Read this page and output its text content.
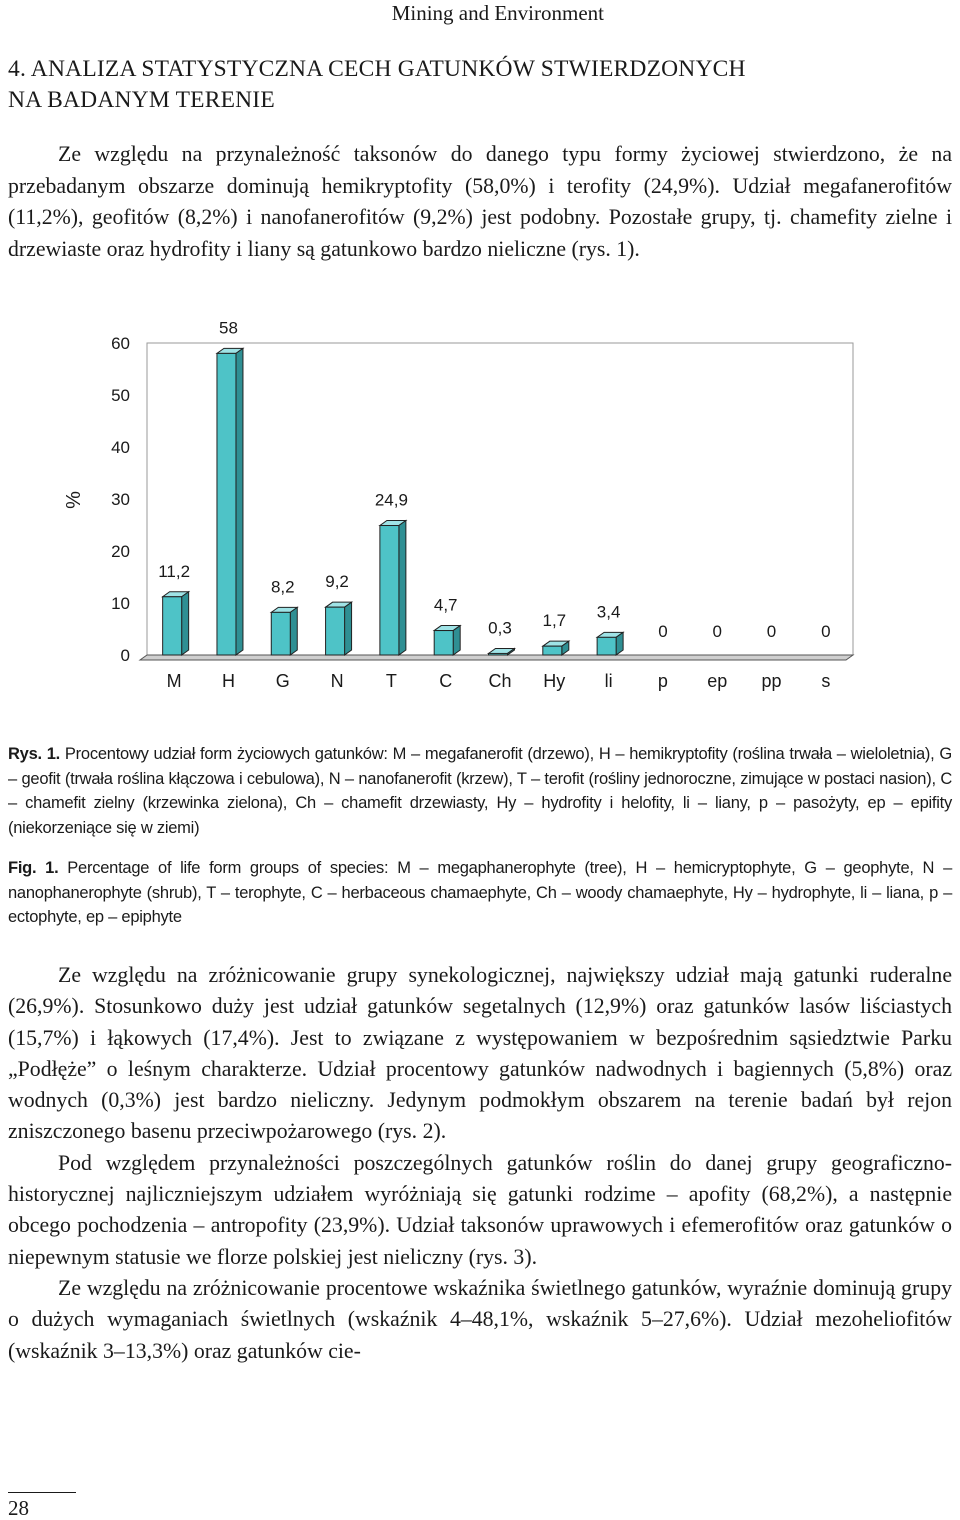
Mining and Environment
4. ANALIZA STATYSTYCZNA CECH GATUNKÓW STWIERDZONYCH
NA BADANYM TERENIE

Ze względu na przynależność taksonów do danego typu formy życiowej stwierdzono, że na przebadanym obszarze dominują hemikryptofity (58,0%) i terofity (24,9%). Udział megafanerofitów (11,2%), geofitów (8,2%) i nanofanerofitów (9,2%) jest podobny. Pozostałe grupy, tj. chamefity zielne i drzewiaste oraz hydrofity i liany są gatunkowo bardzo nieliczne (rys. 1).

0
10
20
30
40
50
60
%
11,2
M
58
H
8,2
G
9,2
N
24,9
T
4,7
C
0,3
Ch
1,7
Hy
3,4
li
0
p
0
ep
0
pp
0
s
Rys. 1. Procentowy udział form życiowych gatunków: M – megafanerofit (drzewo), H – hemikryptofity (roślina trwała – wieloletnia), G – geofit (trwała roślina kłączowa i cebulowa), N – nanofanerofit (krzew), T – terofit (rośliny jednoroczne, zimujące w postaci nasion), C – chamefit zielny (krzewinka zielona), Ch – chamefit drzewiasty, Hy – hydrofity i helofity, li – liany, p – pasożyty, ep – epifity (niekorzeniące się w ziemi)
Fig. 1. Percentage of life form groups of species: M – megaphanerophyte (tree), H – hemicryptophyte, G – geophyte, N – nanophanerophyte (shrub), T – terophyte, C – herbaceous chamaephyte, Ch – woody chamaephyte, Hy – hydrophyte, li – liana, p – ectophyte, ep – epiphyte

Ze względu na zróżnicowanie grupy synekologicznej, największy udział mają gatunki ruderalne (26,9%). Stosunkowo duży jest udział gatunków segetalnych (12,9%) oraz gatunków lasów liściastych (15,7%) i łąkowych (17,4%). Jest to związane z występowaniem w bezpośrednim sąsiedztwie Parku „Podłęże” o leśnym charakterze. Udział procentowy gatunków nadwodnych i bagiennych (5,8%) oraz wodnych (0,3%) jest bardzo nieliczny. Jedynym podmokłym obszarem na terenie badań był rejon zniszczonego basenu przeciwpożarowego (rys. 2).

Pod względem przynależności poszczególnych gatunków roślin do danej grupy geograficzno-historycznej najliczniejszym udziałem wyróżniają się gatunki rodzime – apofity (68,2%), a następnie obcego pochodzenia – antropofity (23,9%). Udział taksonów uprawowych i efemerofitów oraz gatunków o niepewnym statusie we florze polskiej jest nieliczny (rys. 3).

Ze względu na zróżnicowanie procentowe wskaźnika świetlnego gatunków, wyraźnie dominują grupy o dużych wymaganiach świetlnych (wskaźnik 4–48,1%, wskaźnik 5–27,6%). Udział mezoheliofitów (wskaźnik 3–13,3%) oraz gatunków cie-

28
